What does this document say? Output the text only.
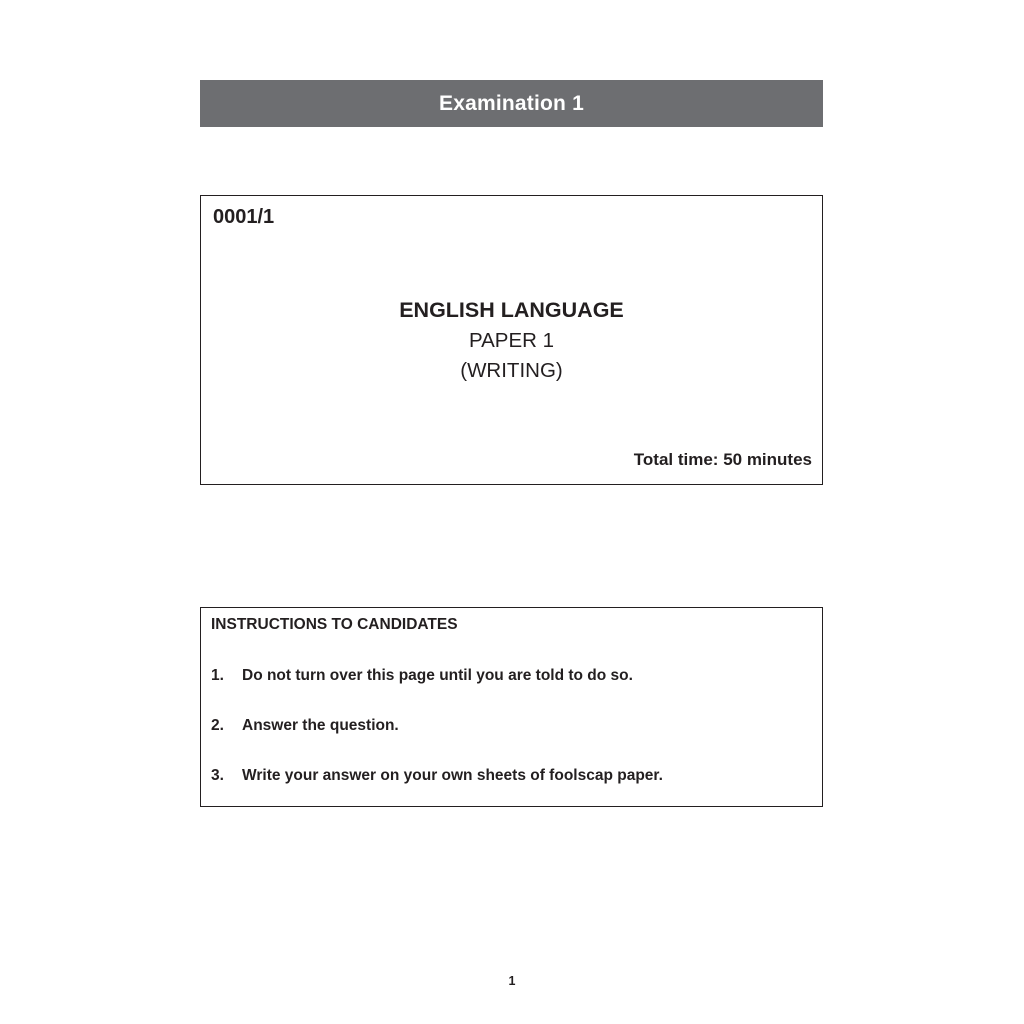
Examination 1
0001/1
ENGLISH LANGUAGE
PAPER 1
(WRITING)
Total time: 50 minutes
INSTRUCTIONS TO CANDIDATES
1.	Do not turn over this page until you are told to do so.
2.	Answer the question.
3.	Write your answer on your own sheets of foolscap paper.
1
